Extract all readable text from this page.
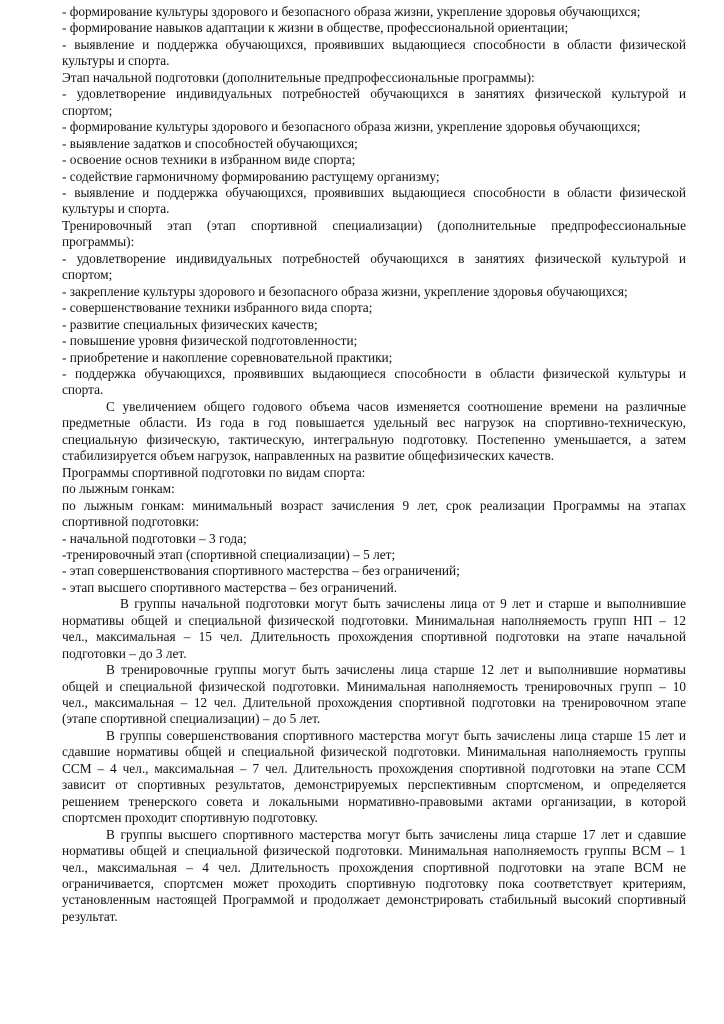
- формирование культуры здорового и безопасного образа жизни, укрепление здоровья обучающихся;

- формирование навыков адаптации к жизни в обществе, профессиональной ориентации;

- выявление и поддержка обучающихся, проявивших выдающиеся способности в области физической

культуры и спорта.

Этап начальной подготовки (дополнительные предпрофессиональные программы):

- удовлетворение индивидуальных потребностей обучающихся в занятиях физической культурой и

спортом;

- формирование культуры здорового и безопасного образа жизни, укрепление здоровья обучающихся;

- выявление задатков и способностей обучающихся;

- освоение основ техники в избранном виде спорта;

- содействие гармоничному формированию растущему организму;

- выявление и поддержка обучающихся, проявивших выдающиеся способности в области физической

культуры и спорта.

Тренировочный этап (этап спортивной специализации) (дополнительные предпрофессиональные

программы):

- удовлетворение индивидуальных потребностей обучающихся в занятиях физической культурой и

спортом;

- закрепление культуры здорового и безопасного образа жизни, укрепление здоровья обучающихся;

- совершенствование техники избранного вида спорта;

- развитие специальных физических качеств;

- повышение уровня физической подготовленности;

- приобретение и накопление соревновательной практики;

- поддержка обучающихся, проявивших выдающиеся способности в области физической культуры и

спорта.

С увеличением общего годового объема часов изменяется соотношение времени на различные

предметные области. Из года в год повышается удельный вес нагрузок на спортивно-техническую,

специальную физическую, тактическую, интегральную подготовку. Постепенно уменьшается, а затем

стабилизируется объем нагрузок, направленных на развитие общефизических качеств.

Программы спортивной подготовки по видам спорта:

по лыжным гонкам:

по лыжным гонкам: минимальный возраст зачисления 9 лет, срок реализации Программы на этапах

спортивной подготовки:

- начальной подготовки – 3 года;

-тренировочный этап (спортивной специализации) – 5 лет;

- этап совершенствования спортивного мастерства – без ограничений;

- этап высшего спортивного мастерства – без ограничений.

В группы начальной подготовки могут быть зачислены лица от 9 лет и старше и выполнившие

нормативы общей и специальной физической подготовки. Минимальная наполняемость групп НП – 12

чел., максимальная – 15 чел. Длительность прохождения спортивной подготовки на этапе начальной

подготовки – до 3 лет.

В тренировочные группы могут быть зачислены лица старше 12 лет и выполнившие нормативы

общей и специальной физической подготовки. Минимальная наполняемость тренировочных групп – 10

чел., максимальная – 12 чел. Длительной прохождения спортивной подготовки на тренировочном этапе

(этапе спортивной специализации) – до 5 лет.

В группы совершенствования спортивного мастерства могут быть зачислены лица старше 15 лет и

сдавшие нормативы общей и специальной физической подготовки. Минимальная наполняемость группы

ССМ – 4 чел., максимальная – 7 чел. Длительность прохождения спортивной подготовки на этапе ССМ

зависит от спортивных результатов, демонстрируемых перспективным спортсменом, и определяется

решением тренерского совета и локальными нормативно-правовыми актами организации, в которой

спортсмен проходит спортивную подготовку.

В группы высшего спортивного мастерства могут быть зачислены лица старше 17 лет и сдавшие

нормативы общей и специальной физической подготовки. Минимальная наполняемость группы ВСМ – 1

чел., максимальная – 4 чел. Длительность прохождения спортивной подготовки на этапе ВСМ не

ограничивается, спортсмен может проходить спортивную подготовку пока соответствует критериям,

установленным настоящей Программой и продолжает демонстрировать стабильный высокий спортивный

результат.
